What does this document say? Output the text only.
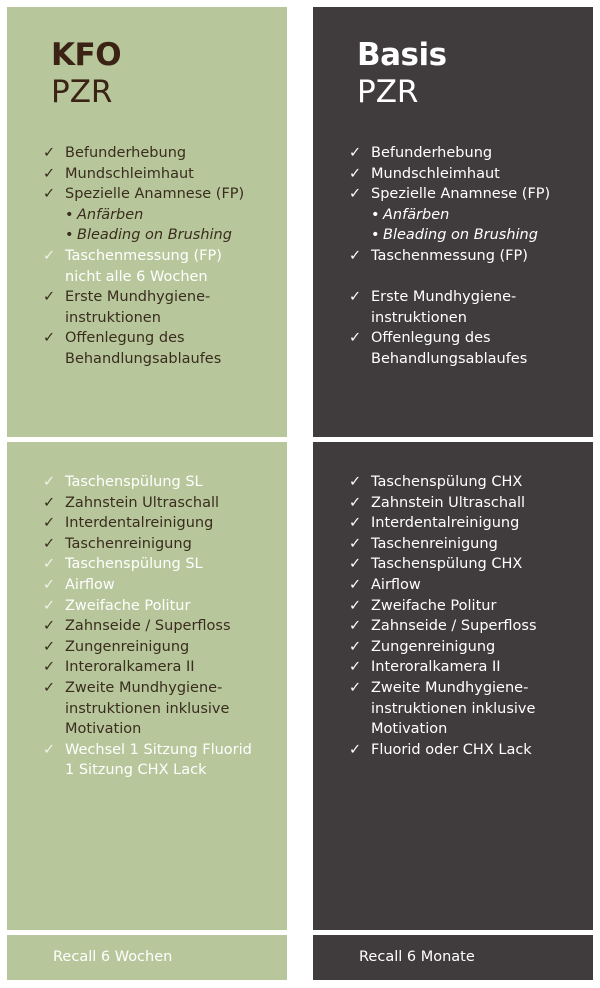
KFO
PZR
✓ Befunderhebung
✓ Mundschleimhaut
✓ Spezielle Anamnese (FP)
• Anfärben
• Bleading on Brushing
✓ Taschenmessung (FP)
nicht alle 6 Wochen
✓ Erste Mundhygiene-
instruktionen
✓ Offenlegung des
Behandlungsablaufes
✓ Taschenspülung SL
✓ Zahnstein Ultraschall
✓ Interdentalreinigung
✓ Taschenreinigung
✓ Taschenspülung SL
✓ Airflow
✓ Zweifache Politur
✓ Zahnseide / Superfloss
✓ Zungenreinigung
✓ Interoralkamera II
✓ Zweite Mundhygiene-
instruktionen inklusive
Motivation
✓ Wechsel 1 Sitzung Fluorid
1 Sitzung CHX Lack
Recall 6 Wochen
Basis
PZR
✓ Befunderhebung
✓ Mundschleimhaut
✓ Spezielle Anamnese (FP)
• Anfärben
• Bleading on Brushing
✓ Taschenmessung (FP)
✓ Erste Mundhygiene-
instruktionen
✓ Offenlegung des
Behandlungsablaufes
✓ Taschenspülung CHX
✓ Zahnstein Ultraschall
✓ Interdentalreinigung
✓ Taschenreinigung
✓ Taschenspülung CHX
✓ Airflow
✓ Zweifache Politur
✓ Zahnseide / Superfloss
✓ Zungenreinigung
✓ Interoralkamera II
✓ Zweite Mundhygiene-
instruktionen inklusive
Motivation
✓ Fluorid oder CHX Lack
Recall 6 Monate
